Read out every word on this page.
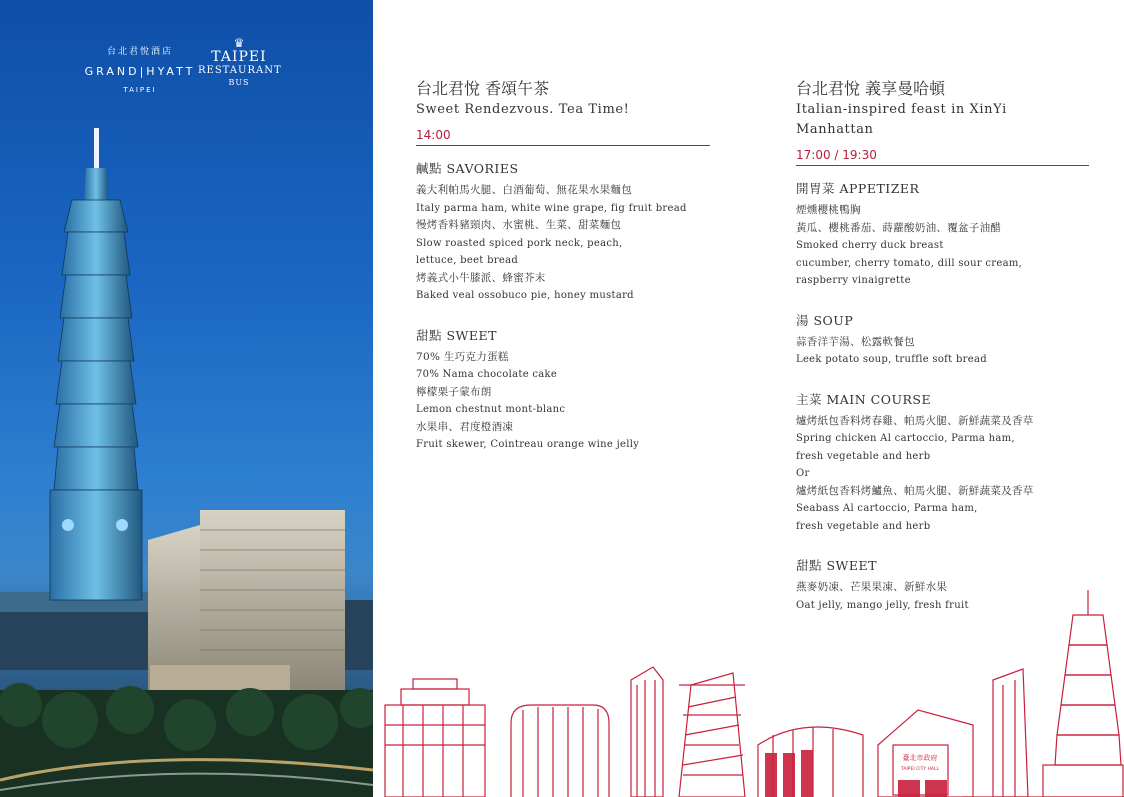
台北君悅酒店
GRAND|HYATT
TAIPEI
♛
TAIPEI
RESTAURANT
BUS	台北君悅 香頌午茶
Sweet Rendezvous. Tea Time!
14:00
鹹點 SAVORIES
義大利帕馬火腿、白酒葡萄、無花果水果麵包
Italy parma ham, white wine grape, fig fruit bread
慢烤香料豬頸肉、水蜜桃、生菜、甜菜麵包
Slow roasted spiced pork neck, peach,
lettuce, beet bread
烤義式小牛膝派、蜂蜜芥末
Baked veal ossobuco pie, honey mustard
甜點 SWEET
70% 生巧克力蛋糕
70% Nama chocolate cake
檸檬栗子蒙布朗
Lemon chestnut mont-blanc
水果串、君度橙酒凍
Fruit skewer, Cointreau orange wine jelly
台北君悅 義享曼哈頓
Italian-inspired feast in XinYi Manhattan
17:00 / 19:30
開胃菜 APPETIZER
煙燻櫻桃鴨胸
黃瓜、櫻桃番茄、蒔蘿酸奶油、覆盆子油醋
Smoked cherry duck breast
cucumber, cherry tomato, dill sour cream,
raspberry vinaigrette
湯 SOUP
蒜香洋芋湯、松露軟餐包
Leek potato soup, truffle soft bread
主菜 MAIN COURSE
爐烤紙包香料烤春雞、帕馬火腿、新鮮蔬菜及香草
Spring chicken Al cartoccio, Parma ham,
fresh vegetable and herb
Or
爐烤紙包香料烤鱸魚、帕馬火腿、新鮮蔬菜及香草
Seabass Al cartoccio, Parma ham,
fresh vegetable and herb
甜點 SWEET
燕麥奶凍、芒果果凍、新鮮水果
Oat jelly, mango jelly, fresh fruit
臺北市政府
TAIPEI CITY HALL
